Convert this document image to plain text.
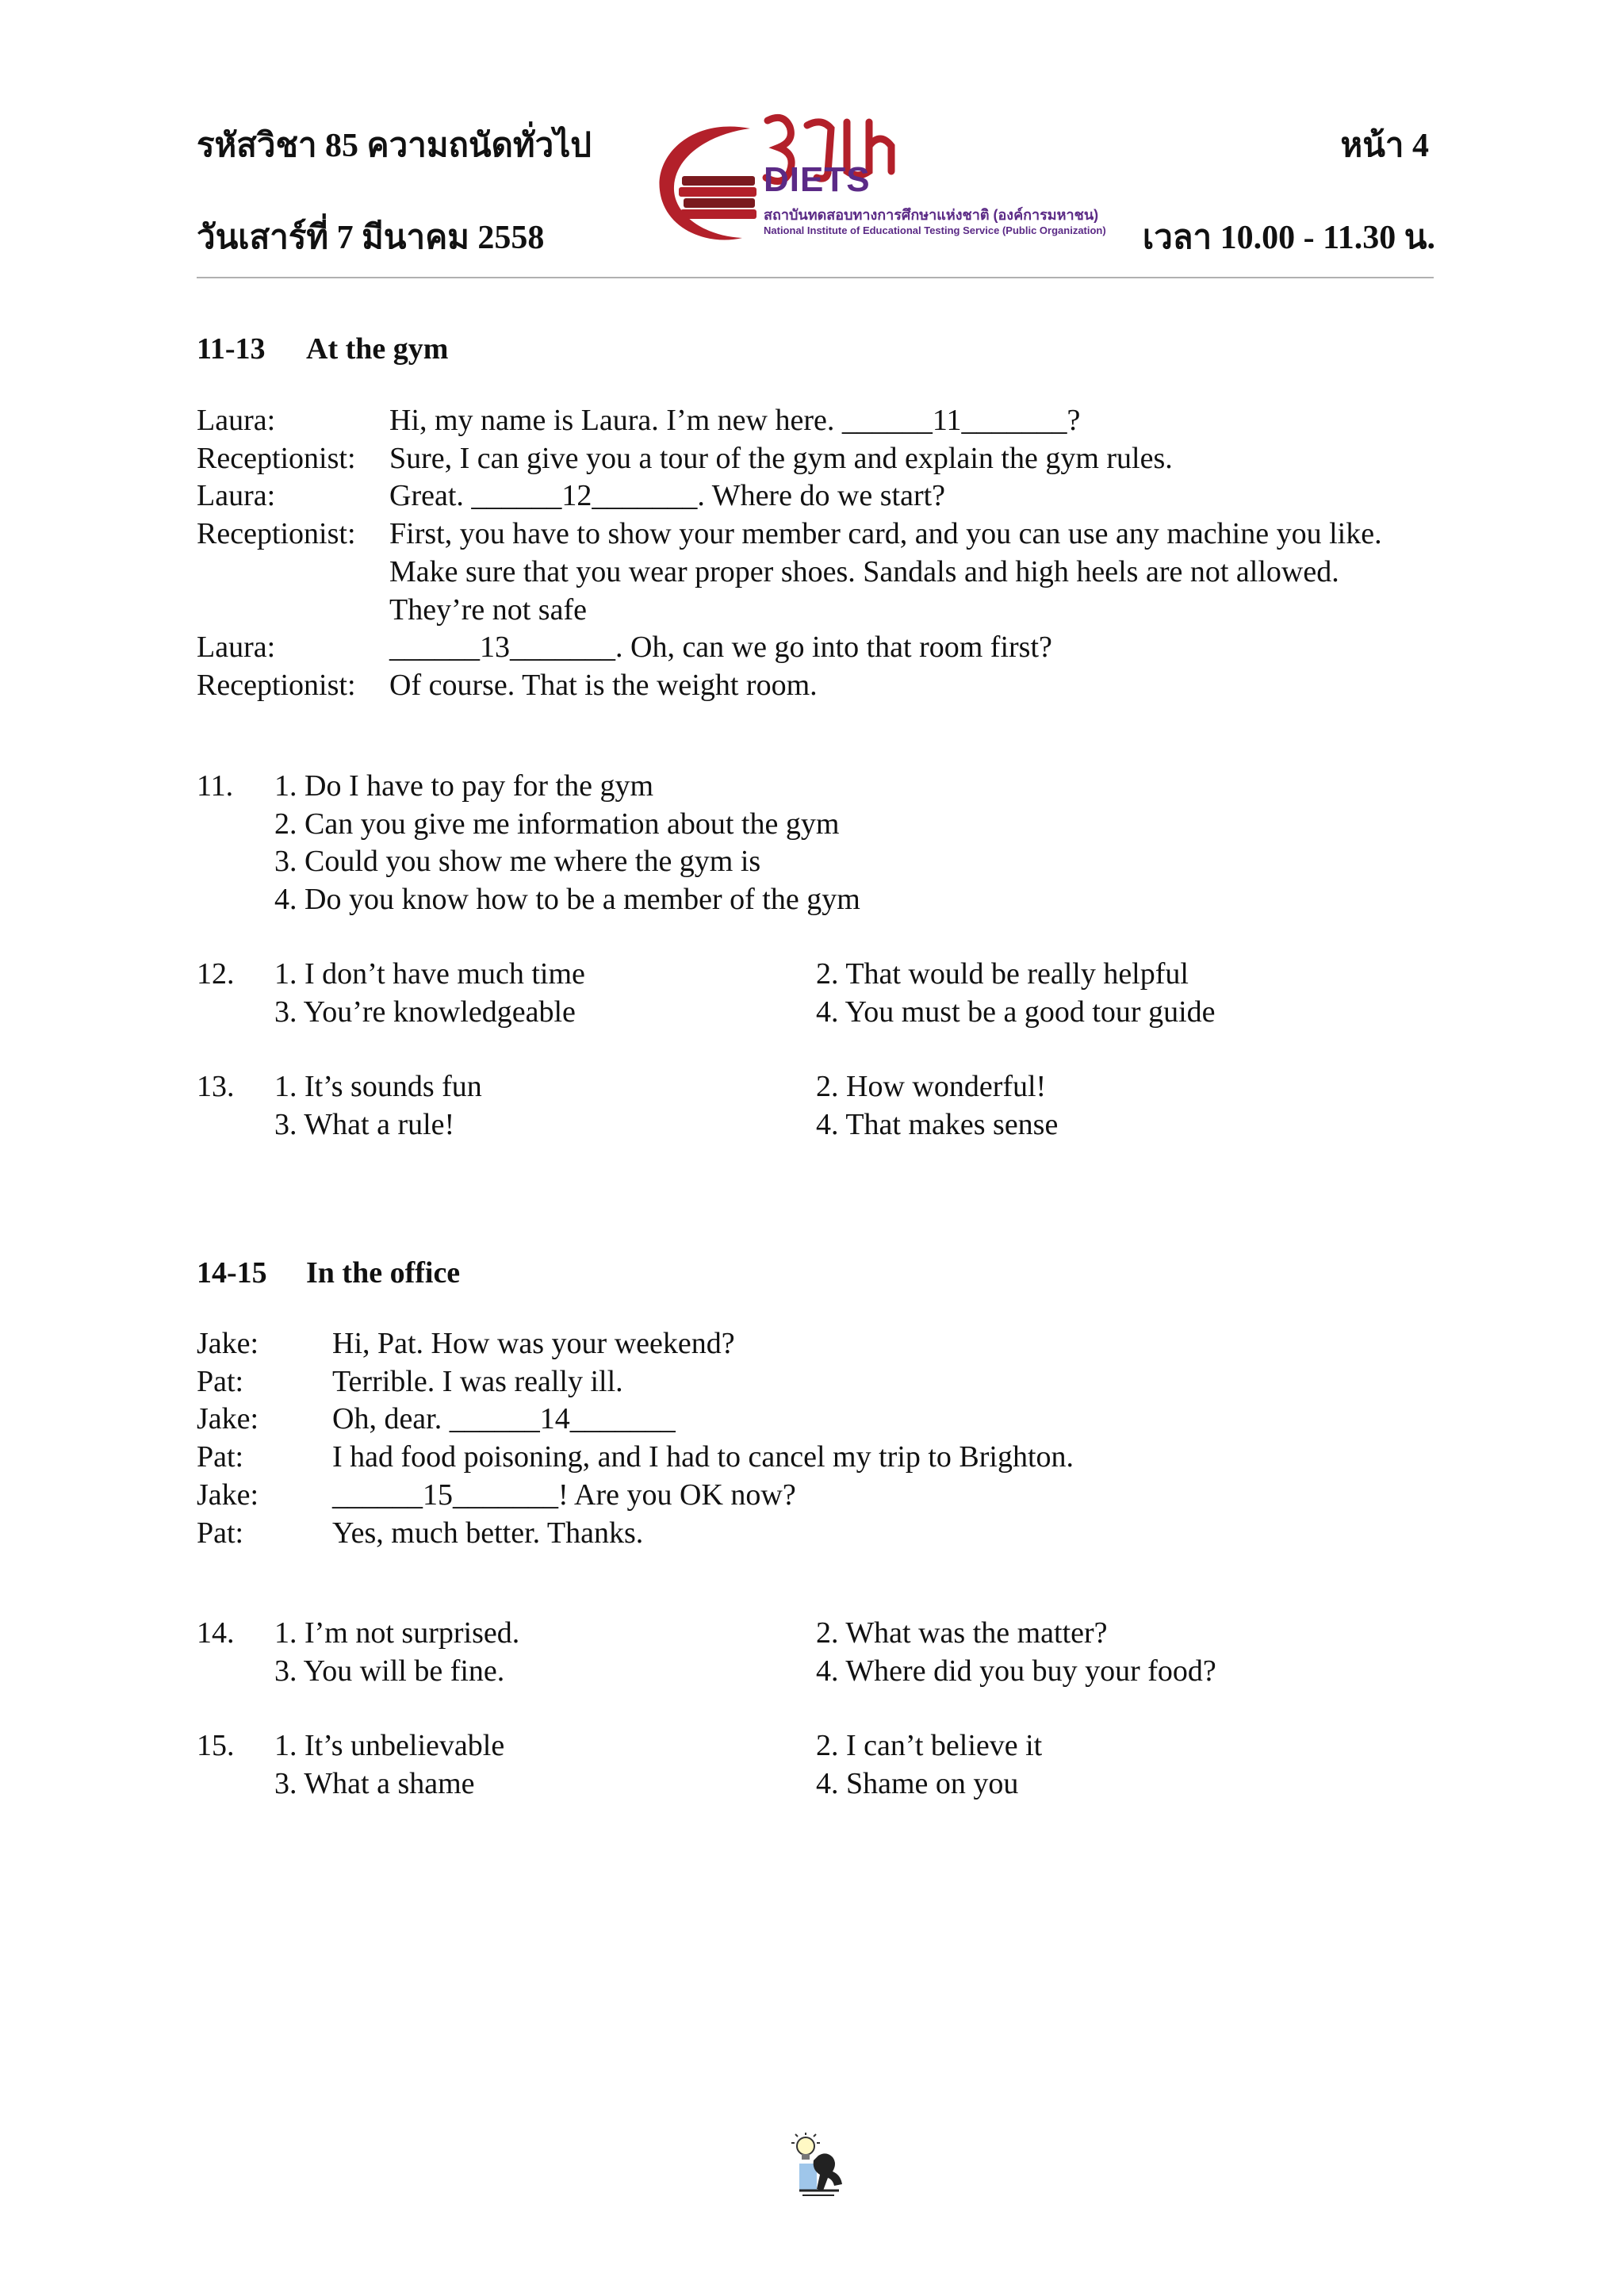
รหัสวิชา 85 ความถนัดทั่วไป
วันเสาร์ที่ 7 มีนาคม 2558
หน้า 4
เวลา 10.00 - 11.30 น.
DIETS
สถาบันทดสอบทางการศึกษาแห่งชาติ (องค์การมหาชน)
National Institute of Educational Testing Service (Public Organization)
11-13 At the gym
Laura:	Hi, my name is Laura. I’m new here. ______11_______?
Receptionist:	Sure, I can give you a tour of the gym and explain the gym rules.
Laura:	Great. ______12_______. Where do we start?
Receptionist:	First, you have to show your member card, and you can use any machine you like. Make sure that you wear proper shoes. Sandals and high heels are not allowed. They’re not safe
Laura:	______13_______. Oh, can we go into that room first?
Receptionist:	Of course. That is the weight room.
11. 1. Do I have to pay for the gym
2. Can you give me information about the gym
3. Could you show me where the gym is
4. Do you know how to be a member of the gym
12. 1. I don’t have much time	2. That would be really helpful
3. You’re knowledgeable	4. You must be a good tour guide
13. 1. It’s sounds fun	2. How wonderful!
3. What a rule!	4. That makes sense
14-15 In the office
Jake:	Hi, Pat. How was your weekend?
Pat:	Terrible. I was really ill.
Jake:	Oh, dear. ______14_______
Pat:	I had food poisoning, and I had to cancel my trip to Brighton.
Jake:	______15_______! Are you OK now?
Pat:	Yes, much better. Thanks.
14. 1. I’m not surprised.	2. What was the matter?
3. You will be fine.	4. Where did you buy your food?
15. 1. It’s unbelievable	2. I can’t believe it
3. What a shame	4. Shame on you
